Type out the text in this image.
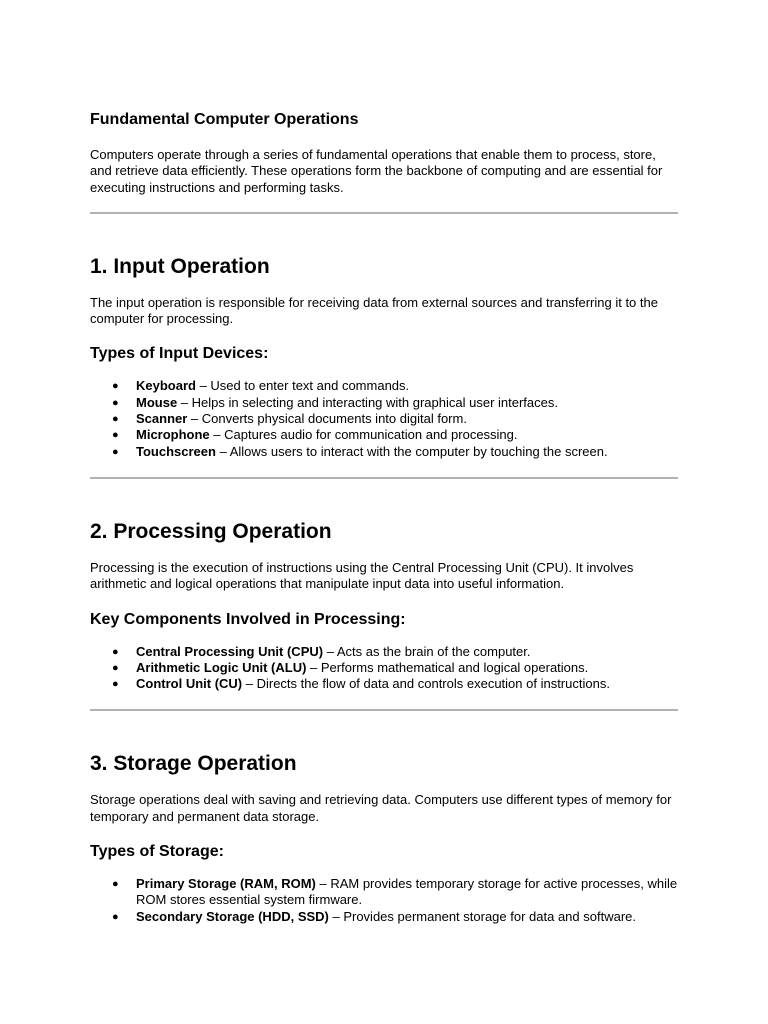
Fundamental Computer Operations

Computers operate through a series of fundamental operations that enable them to process, store, and retrieve data efficiently. These operations form the backbone of computing and are essential for executing instructions and performing tasks.

1. Input Operation

The input operation is responsible for receiving data from external sources and transferring it to the computer for processing.

Types of Input Devices:
● Keyboard – Used to enter text and commands.
● Mouse – Helps in selecting and interacting with graphical user interfaces.
● Scanner – Converts physical documents into digital form.
● Microphone – Captures audio for communication and processing.
● Touchscreen – Allows users to interact with the computer by touching the screen.
2. Processing Operation

Processing is the execution of instructions using the Central Processing Unit (CPU). It involves arithmetic and logical operations that manipulate input data into useful information.

Key Components Involved in Processing:
● Central Processing Unit (CPU) – Acts as the brain of the computer.
● Arithmetic Logic Unit (ALU) – Performs mathematical and logical operations.
● Control Unit (CU) – Directs the flow of data and controls execution of instructions.
3. Storage Operation

Storage operations deal with saving and retrieving data. Computers use different types of memory for temporary and permanent data storage.

Types of Storage:
● Primary Storage (RAM, ROM) – RAM provides temporary storage for active processes, while ROM stores essential system firmware.
● Secondary Storage (HDD, SSD) – Provides permanent storage for data and software.
